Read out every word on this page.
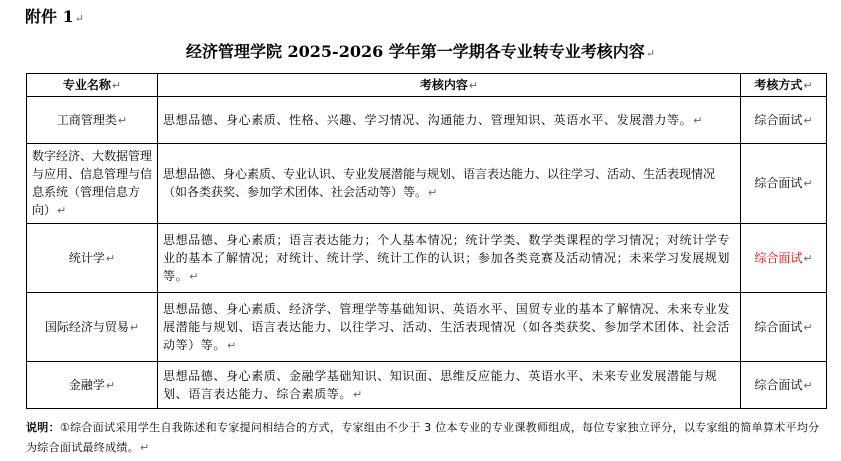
附件 1↵
经济管理学院 2025-2026 学年第一学期各专业转专业考核内容↵
专业名称↵	考核内容↵	考核方式↵
工商管理类↵	思想品德、身心素质、性格、兴趣、学习情况、沟通能力、管理知识、英语水平、发展潜力等。↵	综合面试↵
数字经济、大数据管理与应用、信息管理与信息系统（管理信息方向）↵	思想品德、身心素质、专业认识、专业发展潜能与规划、语言表达能力、以往学习、活动、生活表现情况（如各类获奖、参加学术团体、社会活动等）等。↵	综合面试↵
统计学↵	思想品德、身心素质；语言表达能力；个人基本情况；统计学类、数学类课程的学习情况；对统计学专业的基本了解情况；对统计、统计学、统计工作的认识；参加各类竞赛及活动情况；未来学习发展规划等。↵	综合面试↵
国际经济与贸易↵	思想品德、身心素质、经济学、管理学等基础知识、英语水平、国贸专业的基本了解情况、未来专业发展潜能与规划、语言表达能力、以往学习、活动、生活表现情况（如各类获奖、参加学术团体、社会活动等）等。↵	综合面试↵
金融学↵	思想品德、身心素质、金融学基础知识、知识面、思维反应能力、英语水平、未来专业发展潜能与规划、语言表达能力、综合素质等。↵	综合面试↵
说明：①综合面试采用学生自我陈述和专家提问相结合的方式，专家组由不少于 3 位本专业的专业课教师组成，每位专家独立评分，以专家组的简单算术平均分为综合面试最终成绩。↵
